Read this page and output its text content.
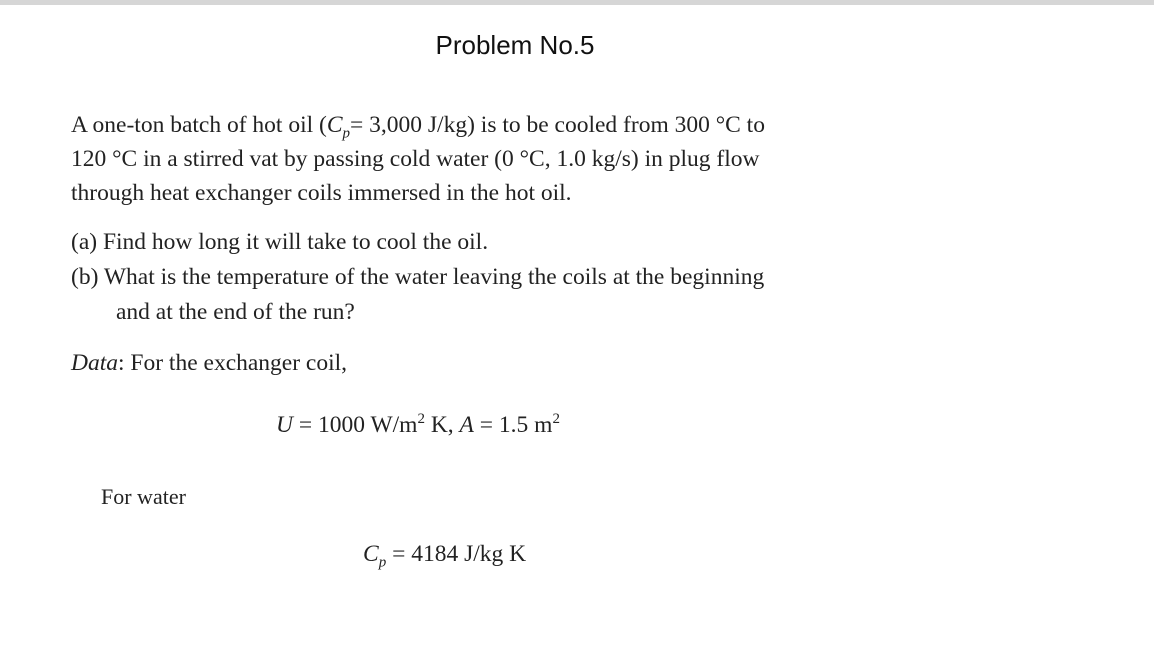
Problem No.5
A one-ton batch of hot oil ($C_p= 3,000$ J/kg) is to be cooled from 300 °C to
120 °C in a stirred vat by passing cold water (0 °C, 1.0 kg/s) in plug flow
through heat exchanger coils immersed in the hot oil.
(a) Find how long it will take to cool the oil.
(b) What is the temperature of the water leaving the coils at the beginning
and at the end of the run?
Data: For the exchanger coil,
U = 1000 $W/m^2$ K, A = 1.5 $m^2$
For water
$C_p = 4184$ J/kg K
